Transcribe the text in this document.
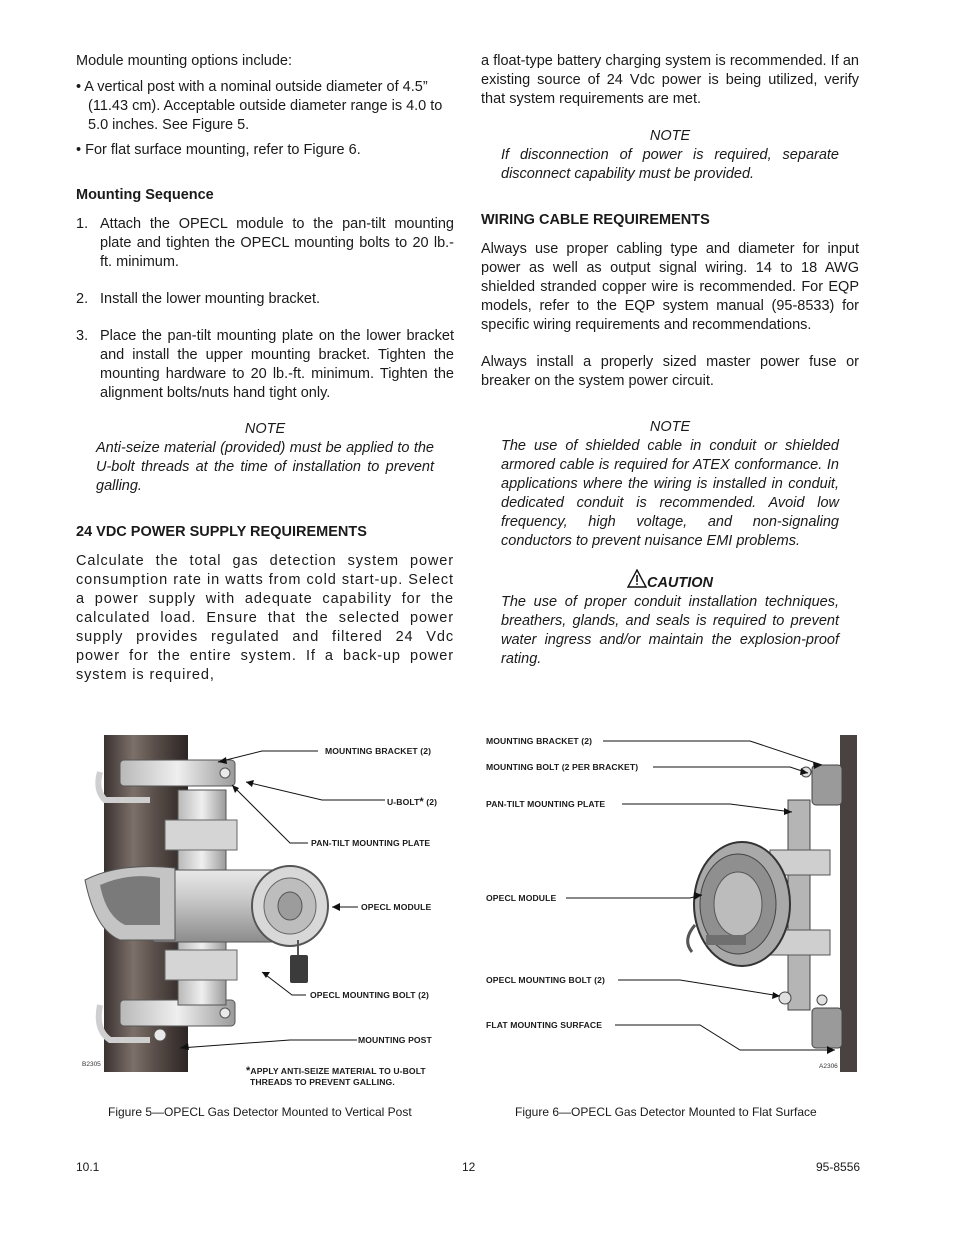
Module mounting options include:

• A vertical post with a nominal outside diameter of 4.5” (11.43 cm). Acceptable outside diameter range is 4.0 to 5.0 inches. See Figure 5.

• For flat surface mounting, refer to Figure 6.

Mounting Sequence

1. Attach the OPECL module to the pan-tilt mounting plate and tighten the OPECL mounting bolts to 20 lb.-ft. minimum.
2. Install the lower mounting bracket.
3. Place the pan-tilt mounting plate on the lower bracket and install the upper mounting bracket. Tighten the mounting hardware to 20 lb.-ft. minimum. Tighten the alignment bolts/nuts hand tight only.

NOTE

Anti-seize material (provided) must be applied to the U-bolt threads at the time of installation to prevent galling.

24 VDC POWER SUPPLY REQUIREMENTS

Calculate the total gas detection system power consumption rate in watts from cold start-up. Select a power supply with adequate capability for the calculated load. Ensure that the selected power supply provides regulated and filtered 24 Vdc power for the entire system. If a back-up power system is required,

a float-type battery charging system is recommended. If an existing source of 24 Vdc power is being utilized, verify that system requirements are met.

NOTE

If disconnection of power is required, separate disconnect capability must be provided.

WIRING CABLE REQUIREMENTS

Always use proper cabling type and diameter for input power as well as output signal wiring. 14 to 18 AWG shielded stranded copper wire is recommended. For EQP models, refer to the EQP system manual (95-8533) for specific wiring requirements and recommendations.

Always install a properly sized master power fuse or breaker on the system power circuit.

NOTE

The use of shielded cable in conduit or shielded armored cable is required for ATEX conformance. In applications where the wiring is installed in conduit, dedicated conduit is recommended. Avoid low frequency, high voltage, and non-signaling conductors to prevent nuisance EMI problems.

CAUTION

The use of proper conduit installation techniques, breathers, glands, and seals is required to prevent water ingress and/or maintain the explosion-proof rating.

MOUNTING BRACKET (2)
U-BOLT* (2)
PAN-TILT MOUNTING PLATE
OPECL MODULE
OPECL MOUNTING BOLT (2)
MOUNTING POST
*APPLY ANTI-SEIZE MATERIAL TO U-BOLT
THREADS TO PREVENT GALLING.
B2305
Figure 5—OPECL Gas Detector Mounted to Vertical Post
MOUNTING BRACKET (2)
MOUNTING BOLT (2 PER BRACKET)
PAN-TILT MOUNTING PLATE
OPECL MODULE
OPECL MOUNTING BOLT (2)
FLAT MOUNTING SURFACE
A2306
Figure 6—OPECL Gas Detector Mounted to Flat Surface
10.1	12	95-8556
